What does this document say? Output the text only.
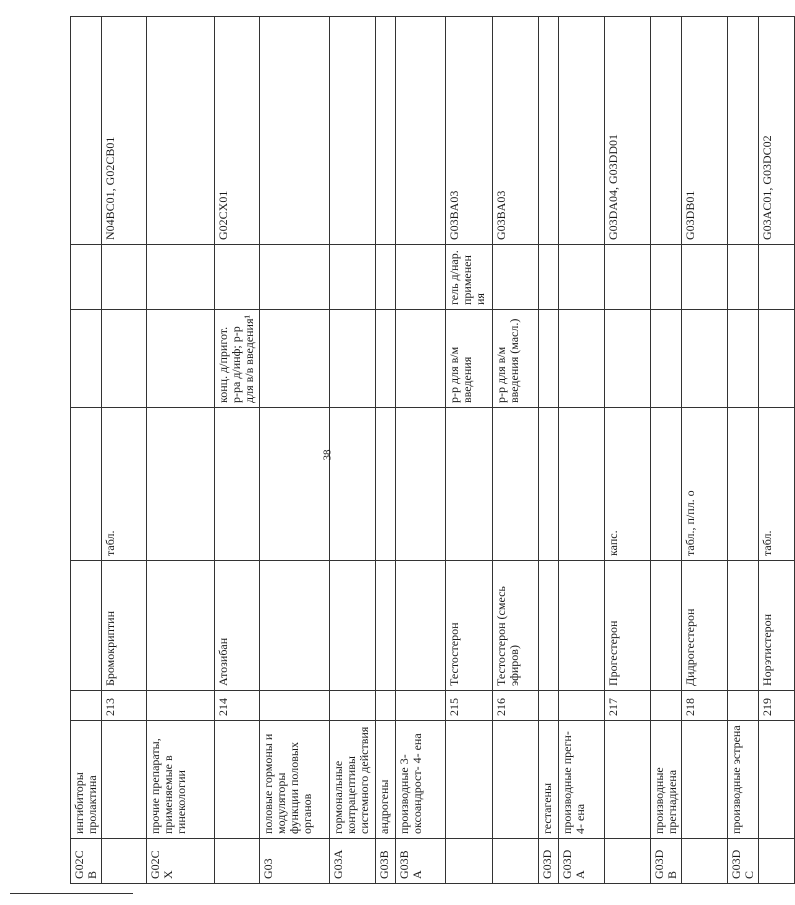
G02CB	ингибиторы пролактина						
		213	Бромокриптин	табл.			N04BC01, G02CB01
G02CX	прочие препараты, применяемые в гинекологии						
		214	Атозибан		конц. д/пригот. р-ра д/инф; р-р для в/в введения¹		G02CX01
G03	половые гормоны и модуляторы функции половых органов						
G03A	гормональные контрацептивы системного действия						
G03B	андрогены						
G03BA	производные 3-оксоандрост- 4- ена						
		215	Тестостерон		р-р для в/м введения	гель д/нар. применения	G03BA03
		216	Тестостерон (смесь эфиров)		р-р для в/м введения (масл.)		G03BA03
G03D	гестагены						
G03DA	производные прегн- 4- ена						
		217	Прогестерон	капс.			G03DA04, G03DD01
G03DB	производные прегнадиена						
		218	Дидрогестерон	табл., п/пл. о			G03DB01
G03DC	производные эстрена						
		219	Норэтистерон	табл.			G03AC01, G03DC02
38
